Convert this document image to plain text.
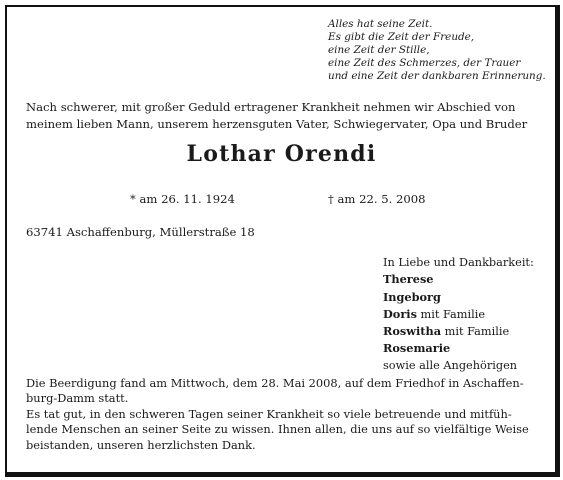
Alles hat seine Zeit.
Es gibt die Zeit der Freude,
eine Zeit der Stille,
eine Zeit des Schmerzes, der Trauer
und eine Zeit der dankbaren Erinnerung.
Nach schwerer, mit großer Geduld ertragener Krankheit nehmen wir Abschied von
meinem lieben Mann, unserem herzensguten Vater, Schwiegervater, Opa und Bruder
Lothar Orendi
* am 26. 11. 1924	† am 22. 5. 2008
63741 Aschaffenburg, Müllerstraße 18
In Liebe und Dankbarkeit:
Therese
Ingeborg
Doris mit Familie
Roswitha mit Familie
Rosemarie
sowie alle Angehörigen
Die Beerdigung fand am Mittwoch, dem 28. Mai 2008, auf dem Friedhof in Aschaffen-
burg-Damm statt.
Es tat gut, in den schweren Tagen seiner Krankheit so viele betreuende und mitfüh-
lende Menschen an seiner Seite zu wissen. Ihnen allen, die uns auf so vielfältige Weise
beistanden, unseren herzlichsten Dank.
